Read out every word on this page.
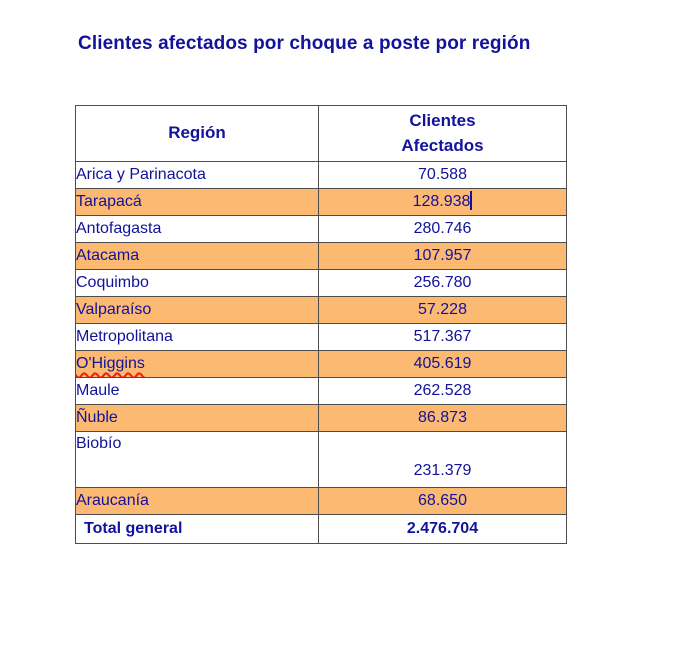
Clientes afectados por choque a poste por región
Región	Clientes
Afectados
Arica y Parinacota	70.588
Tarapacá	128.938
Antofagasta	280.746
Atacama	107.957
Coquimbo	256.780
Valparaíso	57.228
Metropolitana	517.367
O'Higgins	405.619
Maule	262.528
Ñuble	86.873
Biobío	231.379
Araucanía	68.650
Total general	2.476.704
